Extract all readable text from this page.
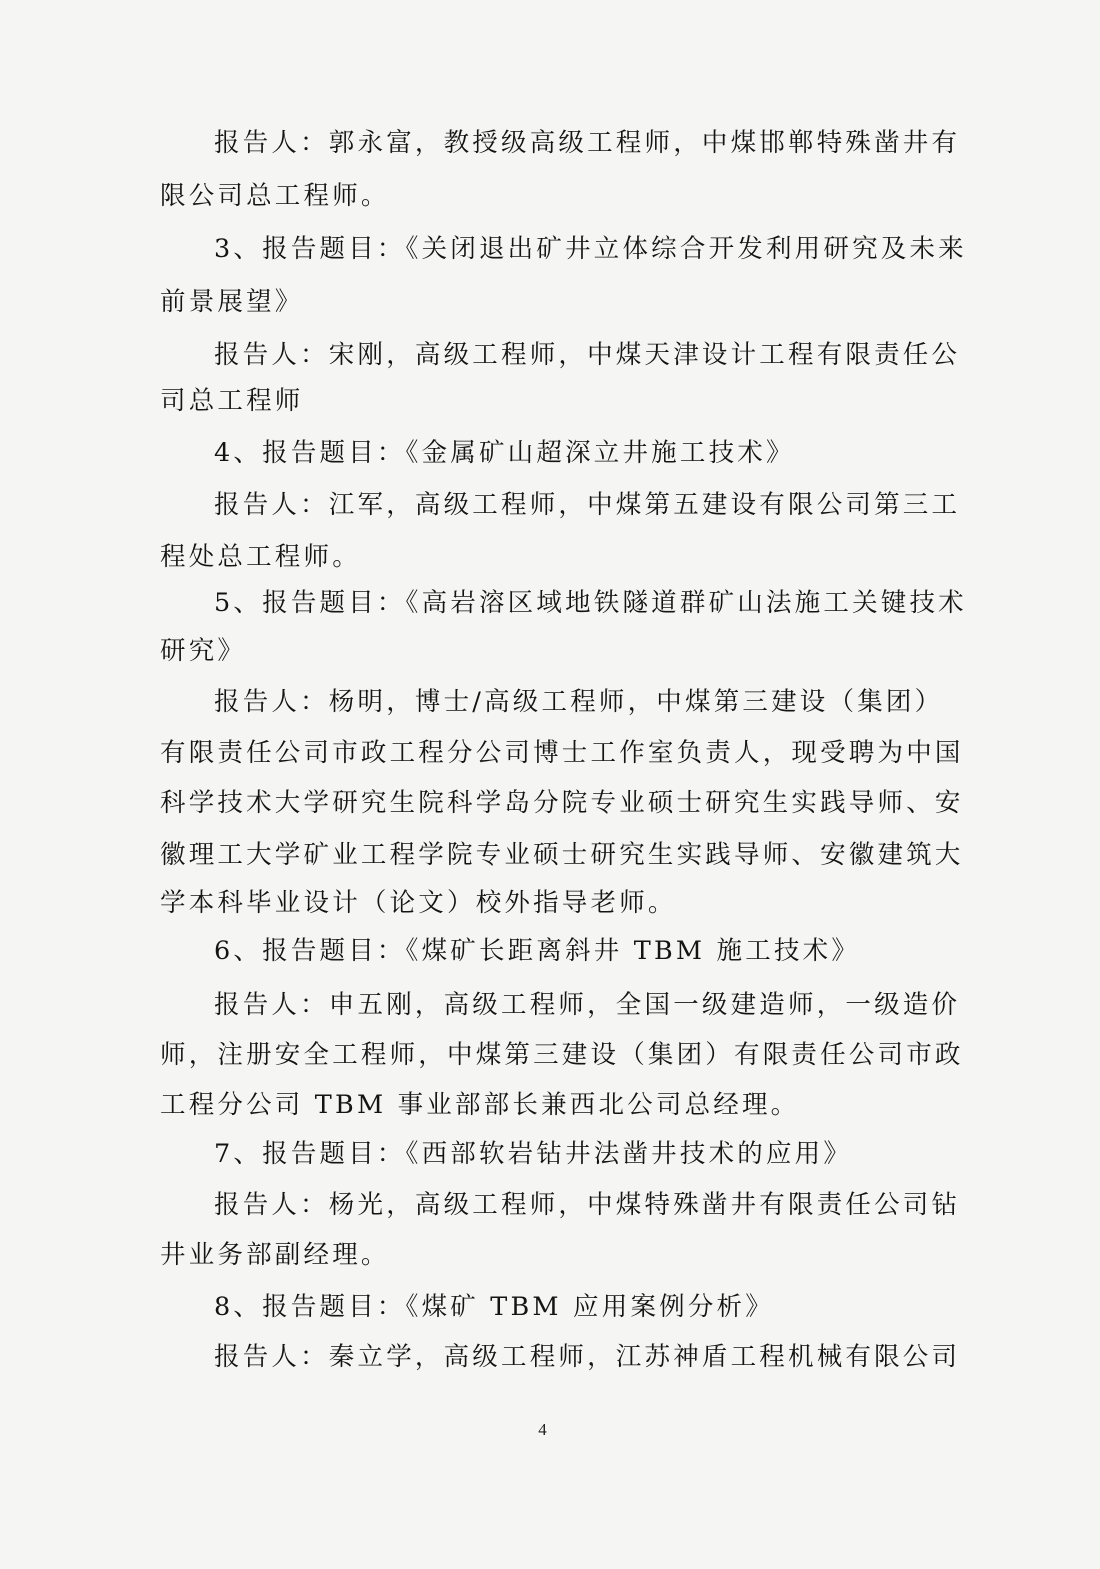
报告人：郭永富，教授级高级工程师，中煤邯郸特殊凿井有
限公司总工程师。
3、报告题目：《关闭退出矿井立体综合开发利用研究及未来
前景展望》
报告人：宋刚，高级工程师，中煤天津设计工程有限责任公
司总工程师
4、报告题目：《金属矿山超深立井施工技术》
报告人：江军，高级工程师，中煤第五建设有限公司第三工
程处总工程师。
5、报告题目：《高岩溶区域地铁隧道群矿山法施工关键技术
研究》
报告人：杨明，博士/高级工程师，中煤第三建设（集团）
有限责任公司市政工程分公司博士工作室负责人，现受聘为中国
科学技术大学研究生院科学岛分院专业硕士研究生实践导师、安
徽理工大学矿业工程学院专业硕士研究生实践导师、安徽建筑大
学本科毕业设计（论文）校外指导老师。
6、报告题目：《煤矿长距离斜井 TBM 施工技术》
报告人：申五刚，高级工程师，全国一级建造师，一级造价
师，注册安全工程师，中煤第三建设（集团）有限责任公司市政
工程分公司 TBM 事业部部长兼西北公司总经理。
7、报告题目：《西部软岩钻井法凿井技术的应用》
报告人：杨光，高级工程师，中煤特殊凿井有限责任公司钻
井业务部副经理。
8、报告题目：《煤矿 TBM 应用案例分析》
报告人：秦立学，高级工程师，江苏神盾工程机械有限公司
4
